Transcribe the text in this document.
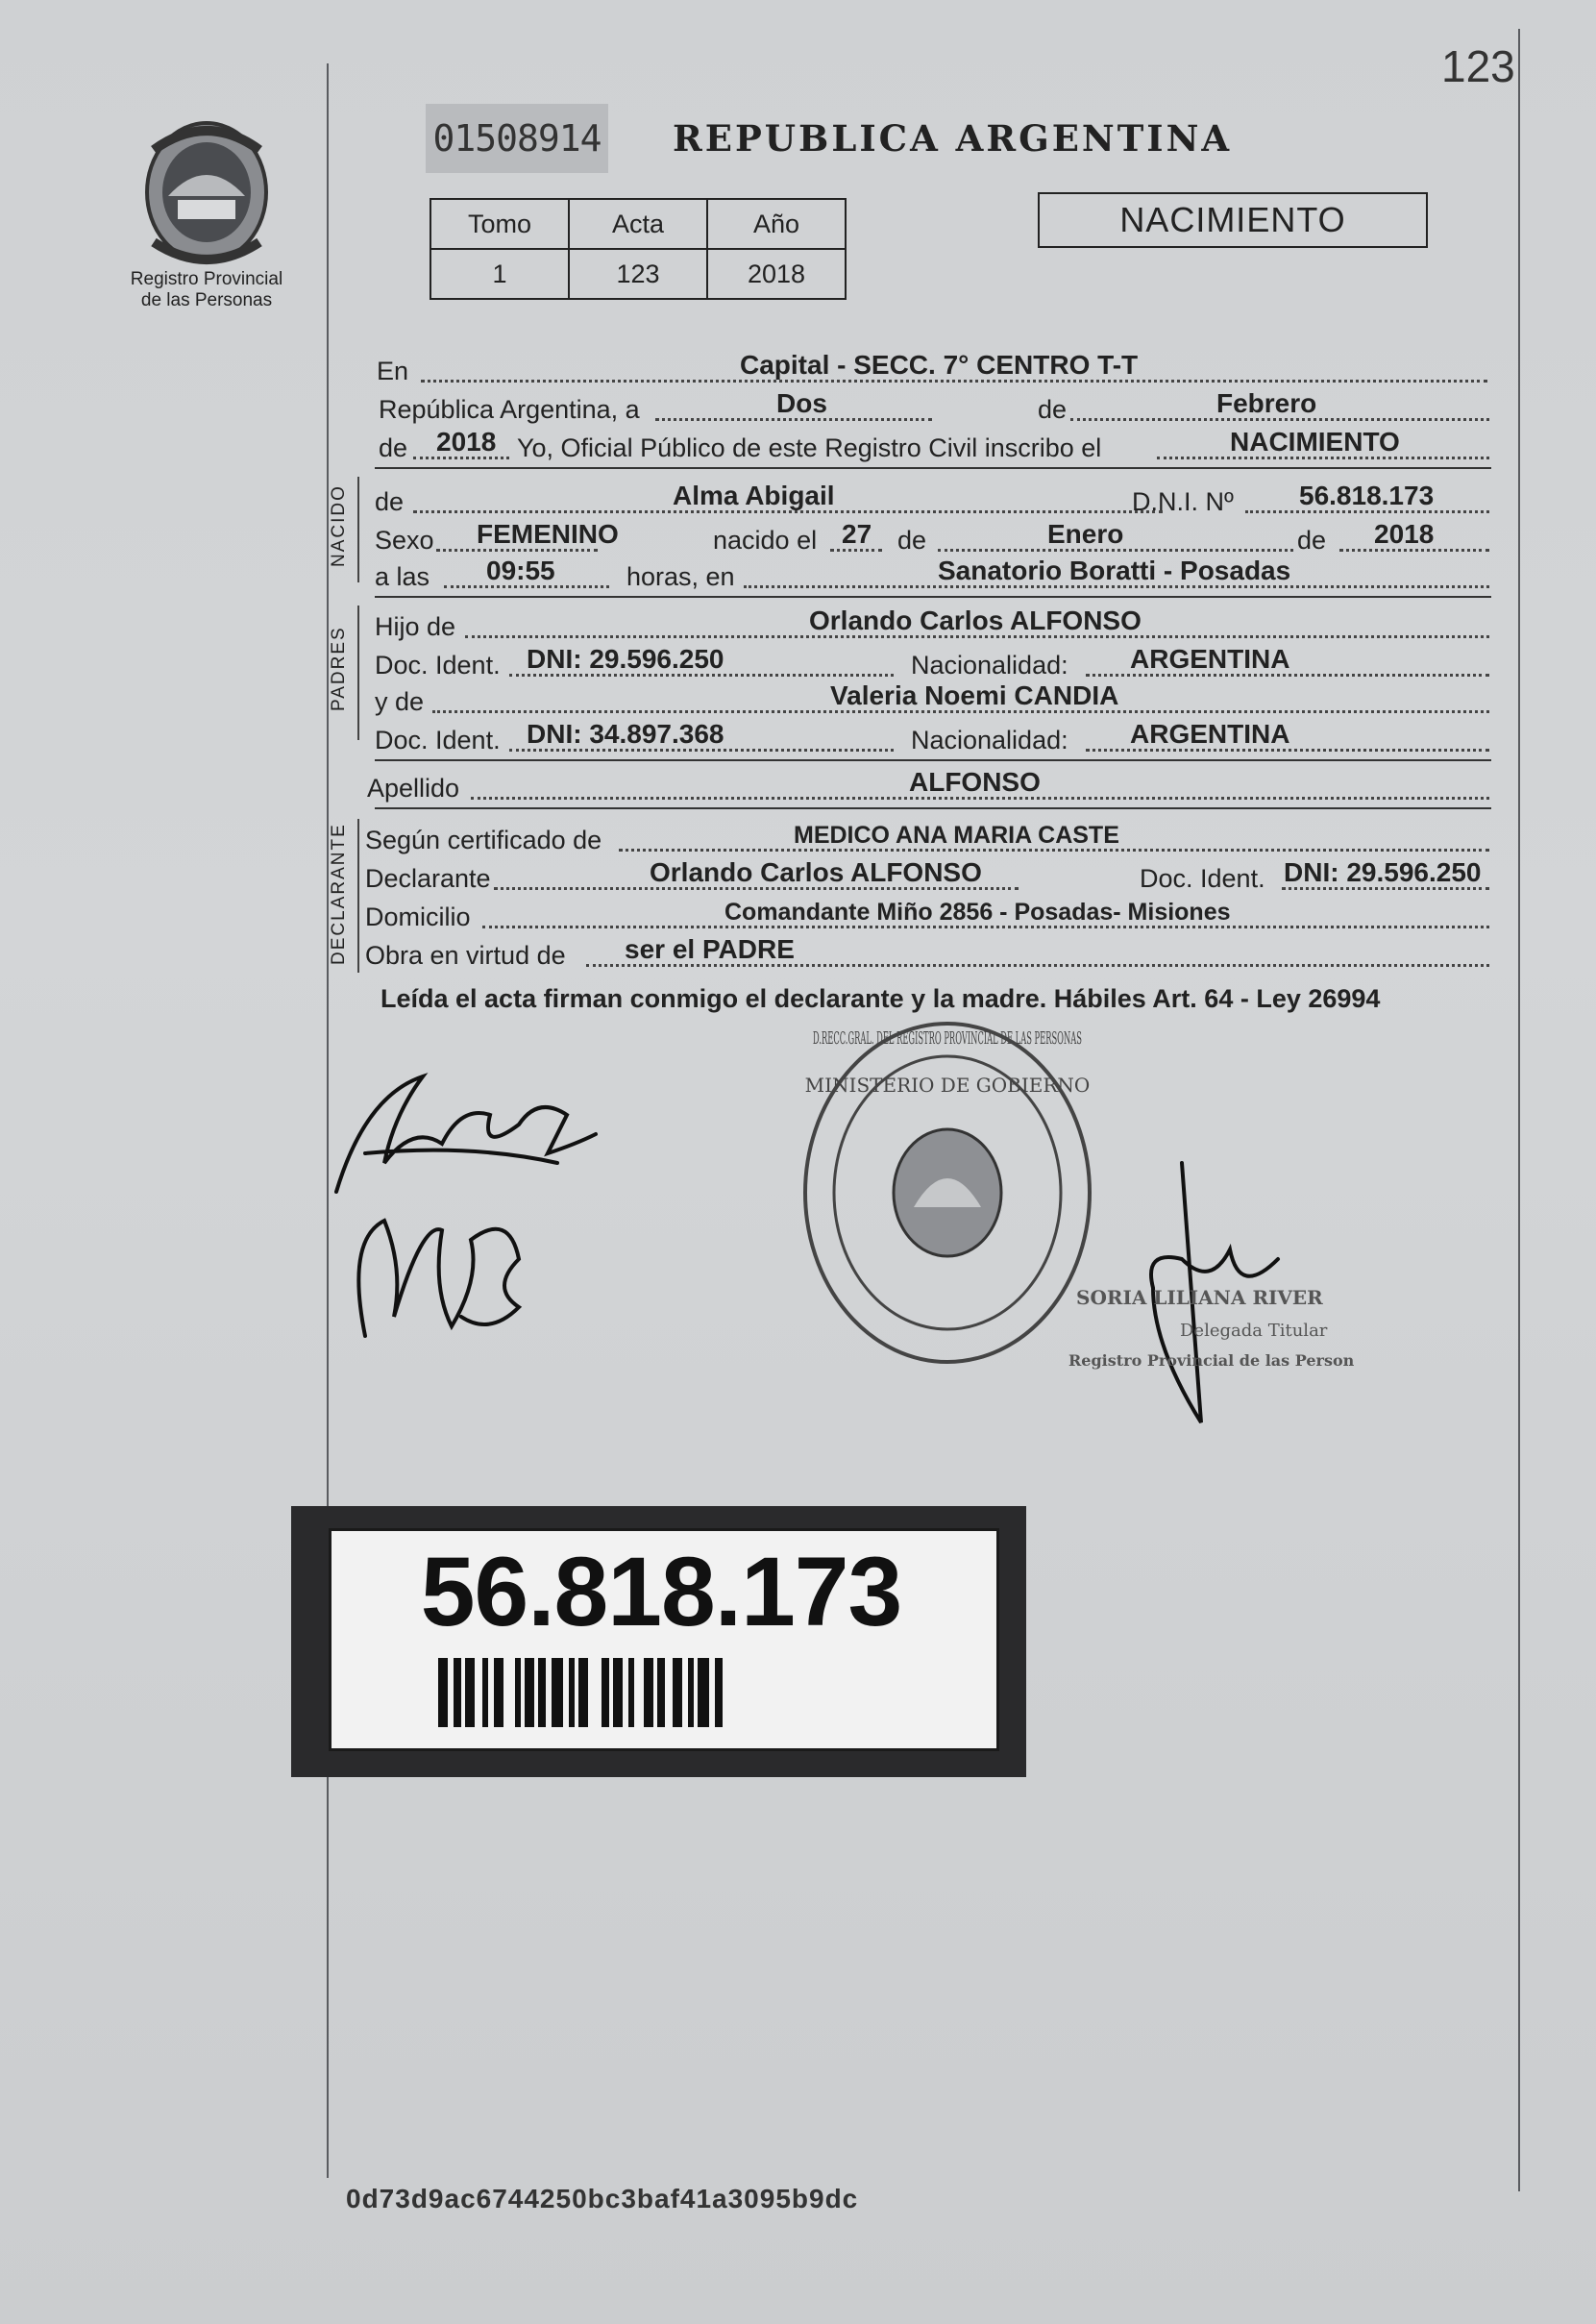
123
Registro Provincial
de las Personas
01508914 REPUBLICA ARGENTINA
Tomo	Acta	Año
1	123	2018
NACIMIENTO
En	Capital - SECC. 7° CENTRO T-T
República Argentina, a	Dos	de	Febrero
de 2018 Yo, Oficial Público de este Registro Civil inscribo el	NACIMIENTO
NACIDO de	Alma Abigail	D.N.I. Nº 56.818.173
Sexo FEMENINO	nacido el 27 de	Enero	de 2018
a las 09:55	horas, en	Sanatorio Boratti - Posadas
PADRES Hijo de	Orlando Carlos ALFONSO
Doc. Ident. DNI: 29.596.250	Nacionalidad: ARGENTINA
y de	Valeria Noemi CANDIA
Doc. Ident. DNI: 34.897.368	Nacionalidad: ARGENTINA
Apellido	ALFONSO
DECLARANTE Según certificado de	MEDICO ANA MARIA CASTE
Declarante	Orlando Carlos ALFONSO	Doc. Ident. DNI: 29.596.250
Domicilio	Comandante Miño 2856 - Posadas- Misiones
Obra en virtud de ser el PADRE
Leída el acta firman conmigo el declarante y la madre. Hábiles Art. 64 - Ley 26994
MINISTERIO DE GOBIERNO
D.RECC.GRAL. DEL REGISTRO PROVINCIAL DE LAS PERSONAS
SORIA LILIANA RIVER
Delegada Titular
Registro Provincial de las Person
56.818.173
0d73d9ac6744250bc3baf41a3095b9dc
